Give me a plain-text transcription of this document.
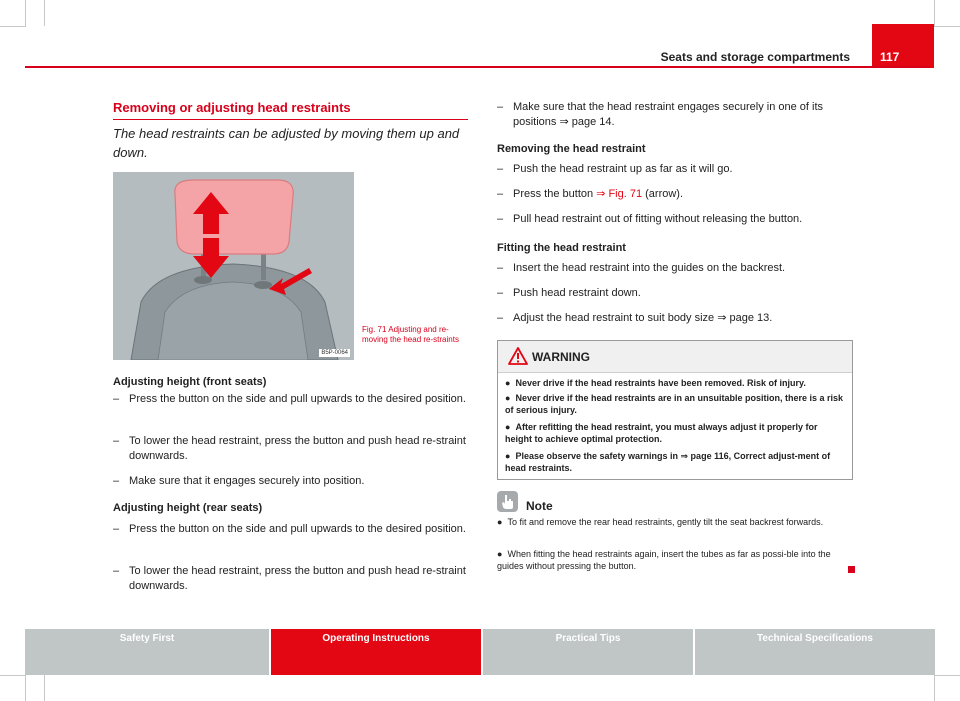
Seats and storage compartments	117
Removing or adjusting head restraints
The head restraints can be adjusted by moving them up and down.
B5P-0064
Fig. 71 Adjusting and re-moving the head re-straints
Adjusting height (front seats)
– Press the button on the side and pull upwards to the desired position.
– To lower the head restraint, press the button and push head re-straint downwards.
– Make sure that it engages securely into position.
Adjusting height (rear seats)
– Press the button on the side and pull upwards to the desired position.
– To lower the head restraint, press the button and push head re-straint downwards.
– Make sure that the head restraint engages securely in one of its positions ⇒ page 14.
Removing the head restraint
– Push the head restraint up as far as it will go.
– Press the button ⇒ Fig. 71 (arrow).
– Pull head restraint out of fitting without releasing the button.
Fitting the head restraint
– Insert the head restraint into the guides on the backrest.
– Push head restraint down.
– Adjust the head restraint to suit body size ⇒ page 13.
WARNING
● Never drive if the head restraints have been removed. Risk of injury.
● Never drive if the head restraints are in an unsuitable position, there is a risk of serious injury.
● After refitting the head restraint, you must always adjust it properly for height to achieve optimal protection.
● Please observe the safety warnings in ⇒ page 116, Correct adjust-ment of head restraints.
Note
● To fit and remove the rear head restraints, gently tilt the seat backrest forwards.
● When fitting the head restraints again, insert the tubes as far as possi-ble into the guides without pressing the button.
Safety First	Operating Instructions	Practical Tips	Technical Specifications
